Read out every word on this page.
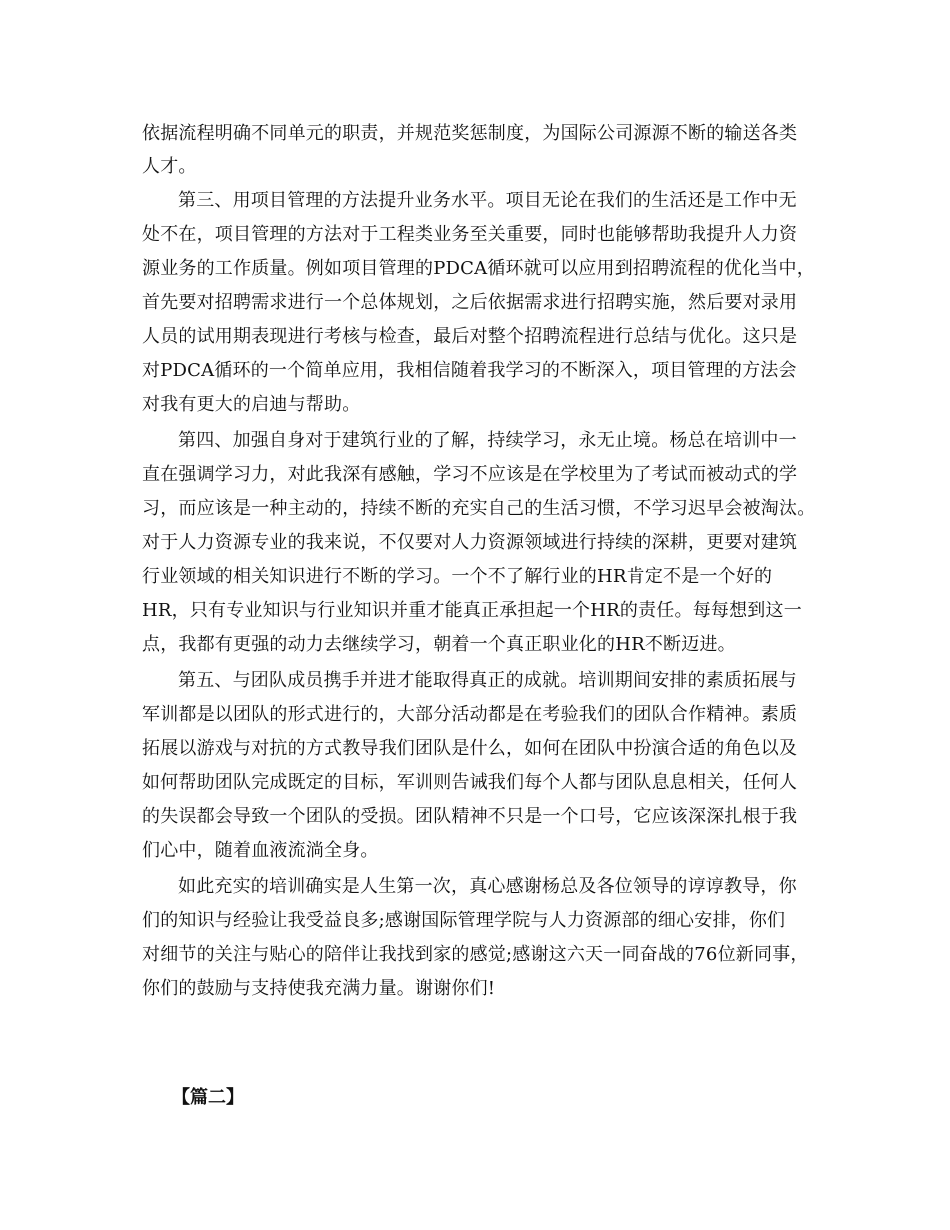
依据流程明确不同单元的职责，并规范奖惩制度，为国际公司源源不断的输送各类
人才。
第三、用项目管理的方法提升业务水平。项目无论在我们的生活还是工作中无
处不在，项目管理的方法对于工程类业务至关重要，同时也能够帮助我提升人力资
源业务的工作质量。例如项目管理的PDCA循环就可以应用到招聘流程的优化当中，
首先要对招聘需求进行一个总体规划，之后依据需求进行招聘实施，然后要对录用
人员的试用期表现进行考核与检查，最后对整个招聘流程进行总结与优化。这只是
对PDCA循环的一个简单应用，我相信随着我学习的不断深入，项目管理的方法会
对我有更大的启迪与帮助。
第四、加强自身对于建筑行业的了解，持续学习，永无止境。杨总在培训中一
直在强调学习力，对此我深有感触，学习不应该是在学校里为了考试而被动式的学
习，而应该是一种主动的，持续不断的充实自己的生活习惯，不学习迟早会被淘汰。
对于人力资源专业的我来说，不仅要对人力资源领域进行持续的深耕，更要对建筑
行业领域的相关知识进行不断的学习。一个不了解行业的HR肯定不是一个好的
HR，只有专业知识与行业知识并重才能真正承担起一个HR的责任。每每想到这一
点，我都有更强的动力去继续学习，朝着一个真正职业化的HR不断迈进。
第五、与团队成员携手并进才能取得真正的成就。培训期间安排的素质拓展与
军训都是以团队的形式进行的，大部分活动都是在考验我们的团队合作精神。素质
拓展以游戏与对抗的方式教导我们团队是什么，如何在团队中扮演合适的角色以及
如何帮助团队完成既定的目标，军训则告诫我们每个人都与团队息息相关，任何人
的失误都会导致一个团队的受损。团队精神不只是一个口号，它应该深深扎根于我
们心中，随着血液流淌全身。
如此充实的培训确实是人生第一次，真心感谢杨总及各位领导的谆谆教导，你
们的知识与经验让我受益良多;感谢国际管理学院与人力资源部的细心安排，你们
对细节的关注与贴心的陪伴让我找到家的感觉;感谢这六天一同奋战的76位新同事，
你们的鼓励与支持使我充满力量。谢谢你们!
【篇二】
